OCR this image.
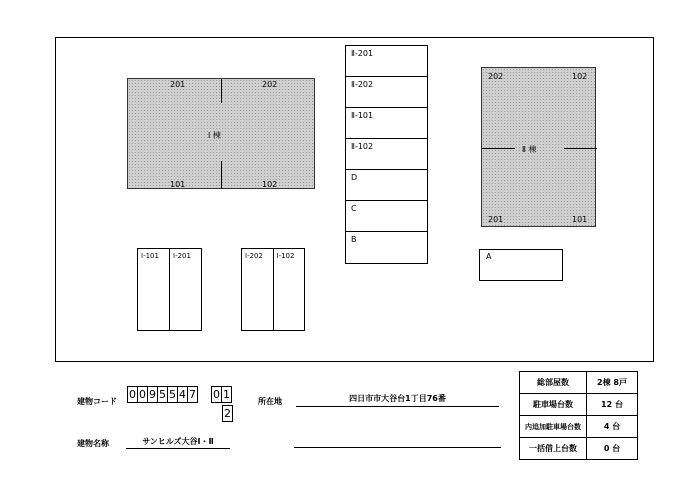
201	202
Ⅰ 棟
101	102
202	102
Ⅱ 棟
201	101
Ⅱ-201
Ⅱ-202
Ⅱ-101
Ⅱ-102
D
C
B
Ⅰ-101	Ⅰ-201	Ⅰ-202	Ⅰ-102	A
建物コード
0 0 9 5 5 4 7 0 1
2
所在地	四日市市大谷台1丁目76番
建物名称	サンヒルズ大谷Ⅰ・Ⅱ
総部屋数	2棟 8戸
駐車場台数	12 台
内追加駐車場台数	4 台
一括借上台数	0 台
